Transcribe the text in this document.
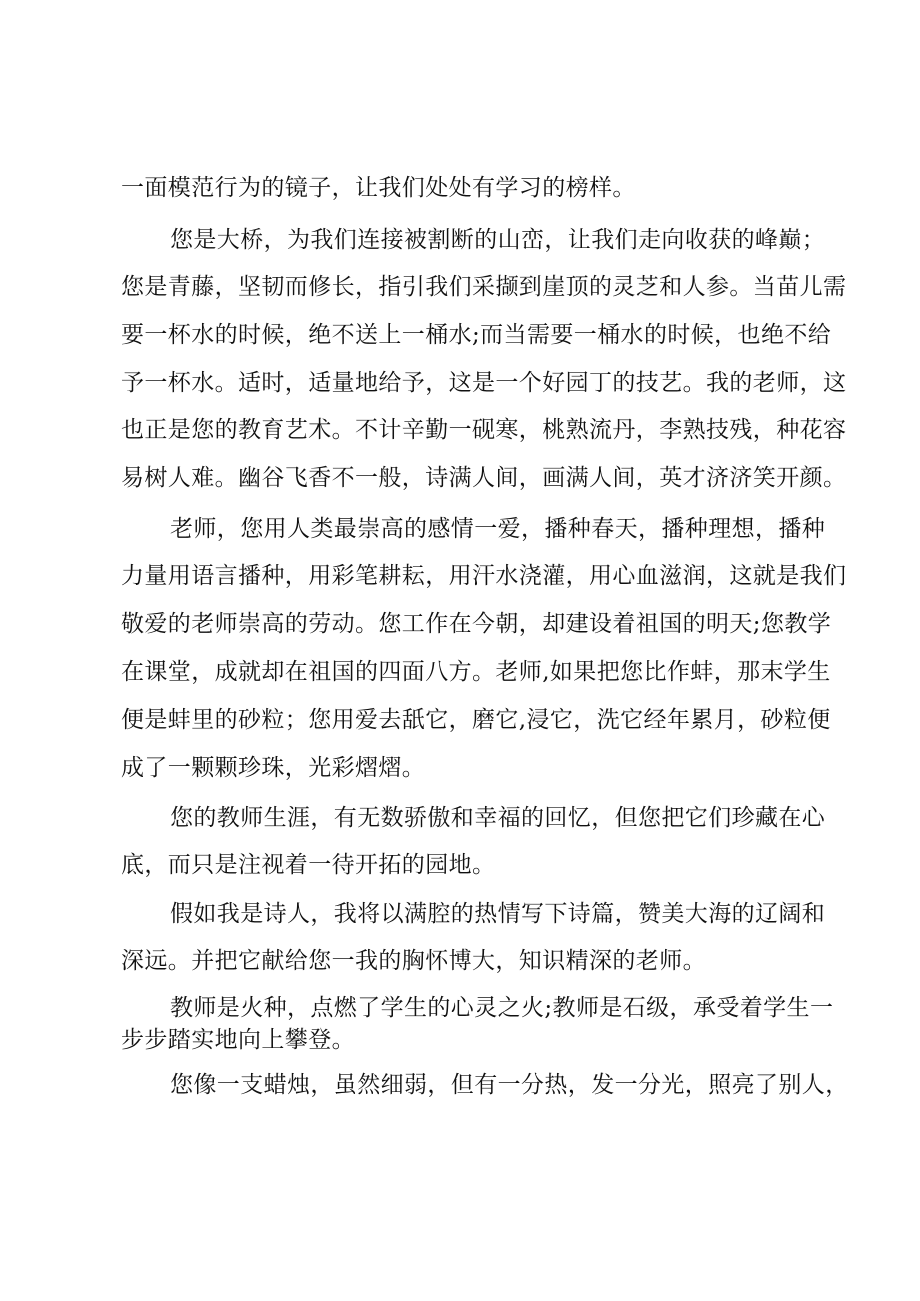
一面模范行为的镜子，让我们处处有学习的榜样。
您是大桥，为我们连接被割断的山峦，让我们走向收获的峰巅；
您是青藤，坚韧而修长，指引我们采撷到崖顶的灵芝和人参。当苗儿需
要一杯水的时候，绝不送上一桶水;而当需要一桶水的时候，也绝不给
予一杯水。适时，适量地给予，这是一个好园丁的技艺。我的老师，这
也正是您的教育艺术。不计辛勤一砚寒，桃熟流丹，李熟技残，种花容
易树人难。幽谷飞香不一般，诗满人间，画满人间，英才济济笑开颜。
老师，您用人类最崇高的感情一爱，播种春天，播种理想，播种
力量用语言播种，用彩笔耕耘，用汗水浇灌，用心血滋润，这就是我们
敬爱的老师崇高的劳动。您工作在今朝，却建设着祖国的明天;您教学
在课堂，成就却在祖国的四面八方。老师,如果把您比作蚌，那末学生
便是蚌里的砂粒；您用爱去舐它，磨它,浸它，洗它经年累月，砂粒便
成了一颗颗珍珠，光彩熠熠。
您的教师生涯，有无数骄傲和幸福的回忆，但您把它们珍藏在心
底，而只是注视着一待开拓的园地。
假如我是诗人，我将以满腔的热情写下诗篇，赞美大海的辽阔和
深远。并把它献给您一我的胸怀博大，知识精深的老师。
教师是火种，点燃了学生的心灵之火;教师是石级，承受着学生一
步步踏实地向上攀登。
您像一支蜡烛，虽然细弱，但有一分热，发一分光，照亮了别人，
